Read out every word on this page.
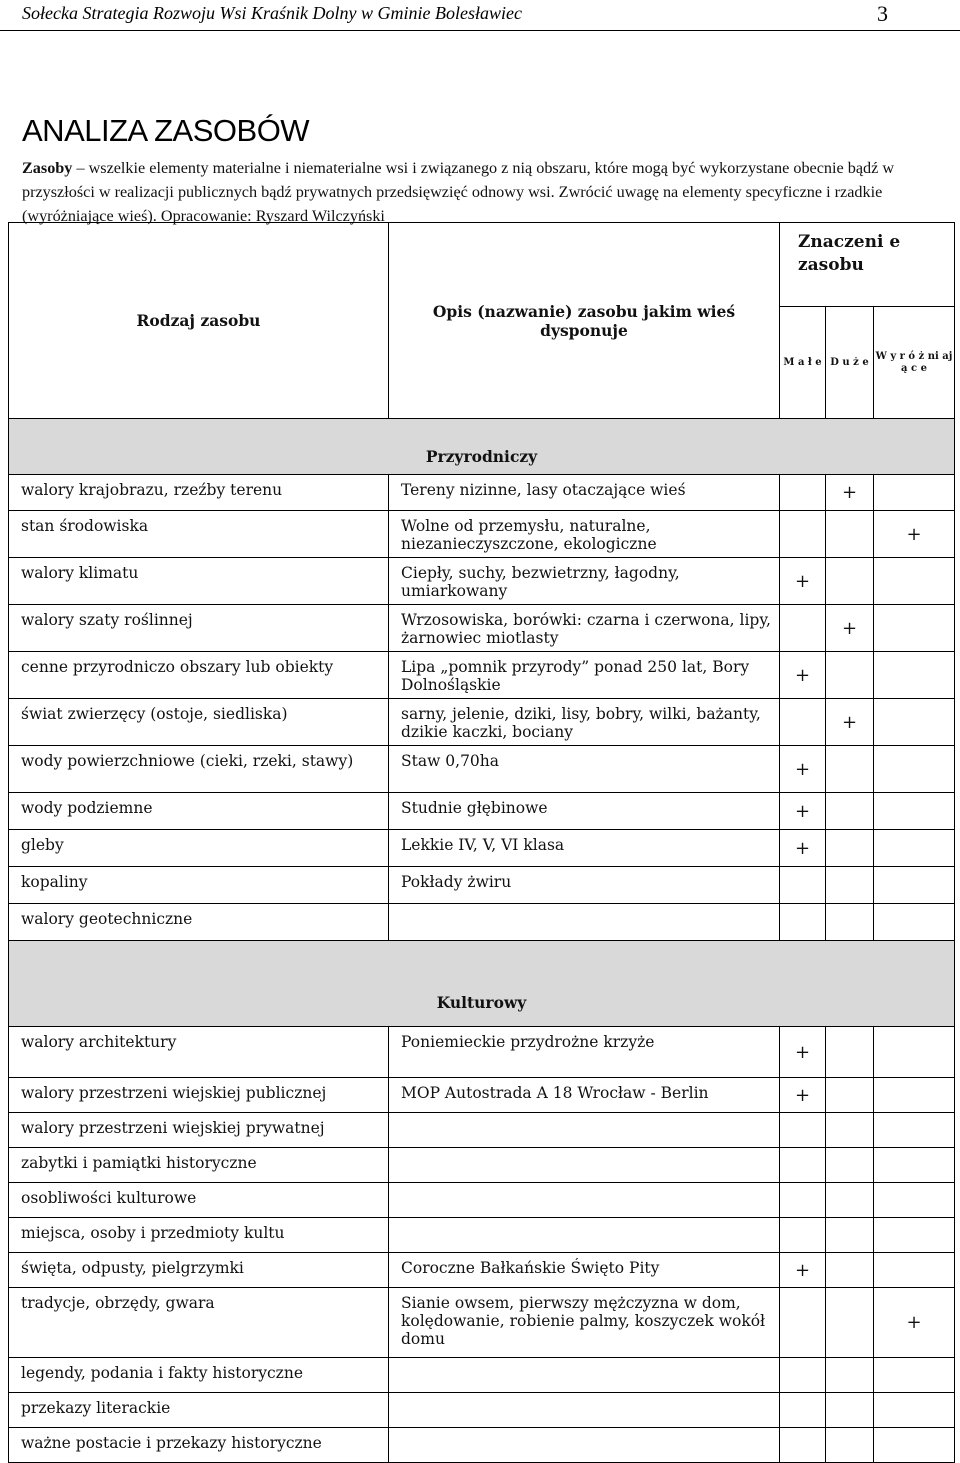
Sołecka Strategia Rozwoju Wsi Kraśnik Dolny w Gminie Bolesławiec	3
ANALIZA ZASOBÓW
Zasoby – wszelkie elementy materialne i niematerialne wsi i związanego z nią obszaru, które mogą być wykorzystane obecnie bądź w przyszłości w realizacji publicznych bądź prywatnych przedsięwzięć odnowy wsi. Zwrócić uwagę na elementy specyficzne i rzadkie (wyróżniające wieś). Opracowanie: Ryszard Wilczyński
Rodzaj zasobu	Opis (nazwanie) zasobu jakim wieś dysponuje	Znaczeni e zasobu		
		M a ł e	D u ż e	W y r ó ż ni aj ą c e
Przyrodniczy				
walory krajobrazu, rzeźby terenu	Tereny nizinne, lasy otaczające wieś		+	
stan środowiska	Wolne od przemysłu, naturalne, niezanieczyszczone, ekologiczne			+
walory klimatu	Ciepły, suchy, bezwietrzny, łagodny, umiarkowany	+		
walory szaty roślinnej	Wrzosowiska, borówki: czarna i czerwona, lipy, żarnowiec miotlasty		+	
cenne przyrodniczo obszary lub obiekty	Lipa „pomnik przyrody” ponad 250 lat, Bory Dolnośląskie	+		
świat zwierzęcy (ostoje, siedliska)	sarny, jelenie, dziki, lisy, bobry, wilki, bażanty, dzikie kaczki, bociany		+	
wody powierzchniowe (cieki, rzeki, stawy)	Staw 0,70ha	+		
wody podziemne	Studnie głębinowe	+		
gleby	Lekkie IV, V, VI klasa	+		
kopaliny	Pokłady żwiru			
walory geotechniczne				
Kulturowy				
walory architektury	Poniemieckie przydrożne krzyże	+		
walory przestrzeni wiejskiej publicznej	MOP Autostrada A 18 Wrocław - Berlin	+		
walory przestrzeni wiejskiej prywatnej				
zabytki i pamiątki historyczne				
osobliwości kulturowe				
miejsca, osoby i przedmioty kultu				
święta, odpusty, pielgrzymki	Coroczne Bałkańskie Święto Pity	+		
tradycje, obrzędy, gwara	Sianie owsem, pierwszy mężczyzna w dom, kolędowanie, robienie palmy, koszyczek wokół domu			+
legendy, podania i fakty historyczne				
przekazy literackie				
ważne postacie i przekazy historyczne				
